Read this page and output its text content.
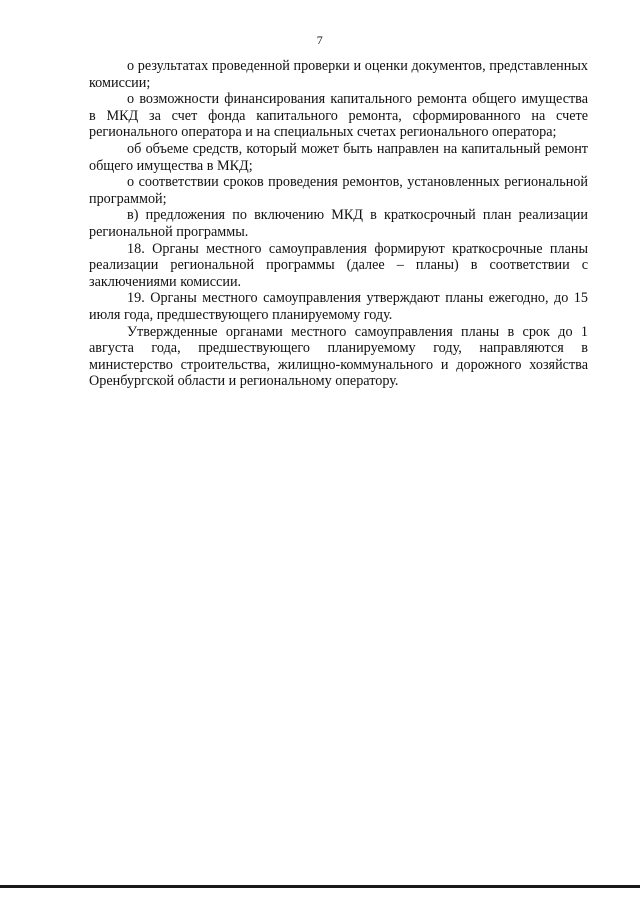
7

о результатах проведенной проверки и оценки документов, представленных комиссии;

о возможности финансирования капитального ремонта общего имущества в МКД за счет фонда капитального ремонта, сформированного на счете регионального оператора и на специальных счетах регионального оператора;

об объеме средств, который может быть направлен на капитальный ремонт общего имущества в МКД;

о соответствии сроков проведения ремонтов, установленных региональной программой;

в) предложения по включению МКД в краткосрочный план реализации региональной программы.

18. Органы местного самоуправления формируют краткосрочные планы реализации региональной программы (далее – планы) в соответствии с заключениями комиссии.

19. Органы местного самоуправления утверждают планы ежегодно, до 15 июля года, предшествующего планируемому году.

Утвержденные органами местного самоуправления планы в срок до 1 августа года, предшествующего планируемому году, направляются в министерство строительства, жилищно-коммунального и дорожного хозяйства Оренбургской области и региональному оператору.
